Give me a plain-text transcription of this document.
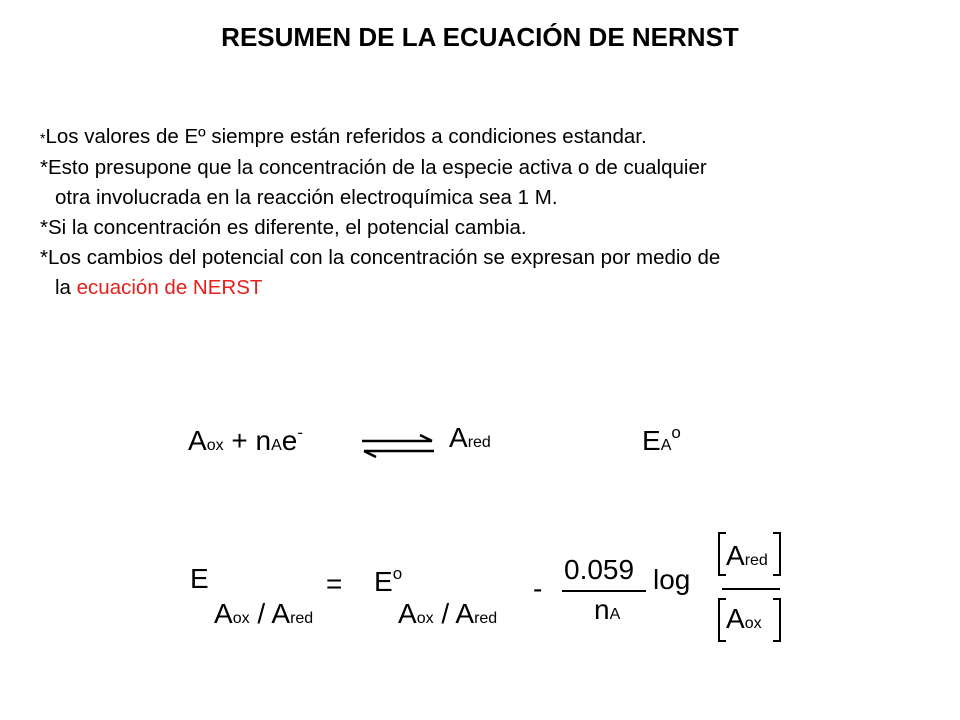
RESUMEN DE LA ECUACIÓN DE NERNST
*Los valores de Eº siempre están referidos a condiciones estandar.
*Esto presupone que la concentración de la especie activa o de cualquier
otra involucrada en la reacción electroquímica sea 1 M.
*Si la concentración es diferente, el potencial cambia.
*Los cambios del potencial con la concentración se expresan por medio de
la ecuación de NERST
Aox + nAe-	Ared	$EA^o$
E
Aox / Ared
= $E^o$
Aox / Ared
-
0.059
nA
log
Ared
Aox
